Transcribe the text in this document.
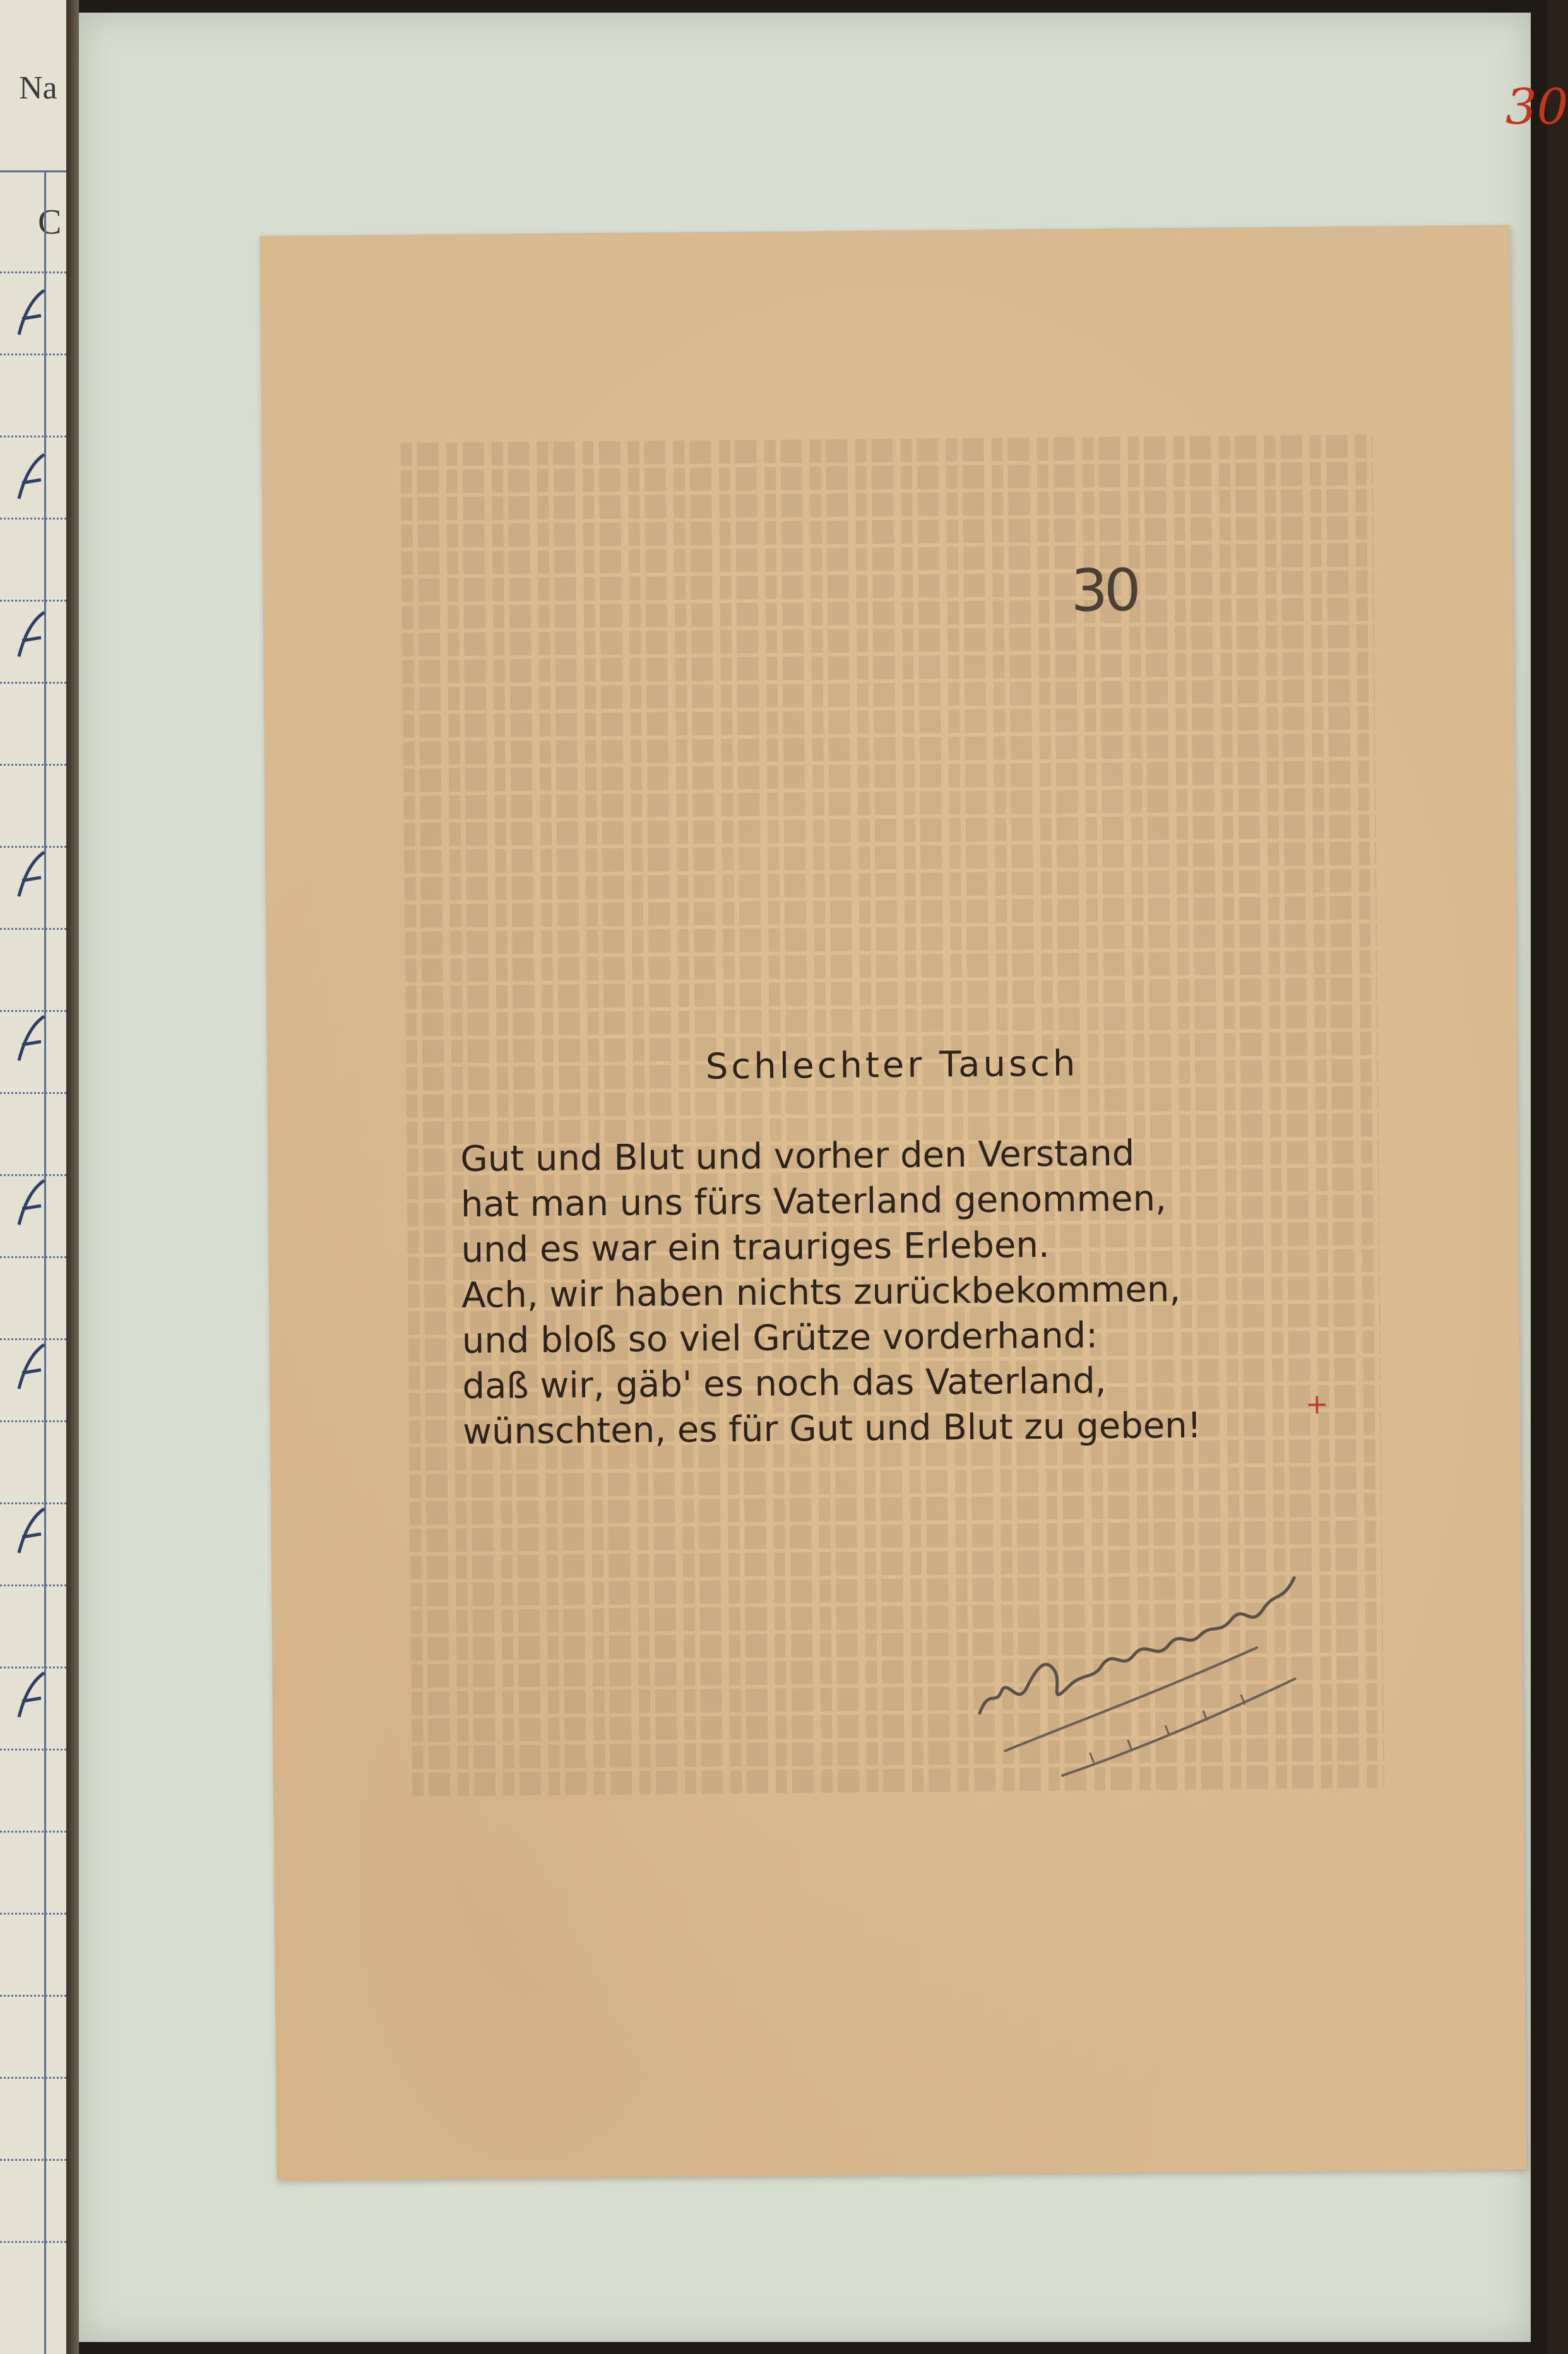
Na
C
30
30
Schlechter Tausch
Gut und Blut und vorher den Verstand
hat man uns fürs Vaterland genommen,
und es war ein trauriges Erleben.
Ach, wir haben nichts zurückbekommen,
und bloß so viel Grütze vorderhand:
daß wir, gäb' es noch das Vaterland,
wünschten, es für Gut und Blut zu geben!
+
